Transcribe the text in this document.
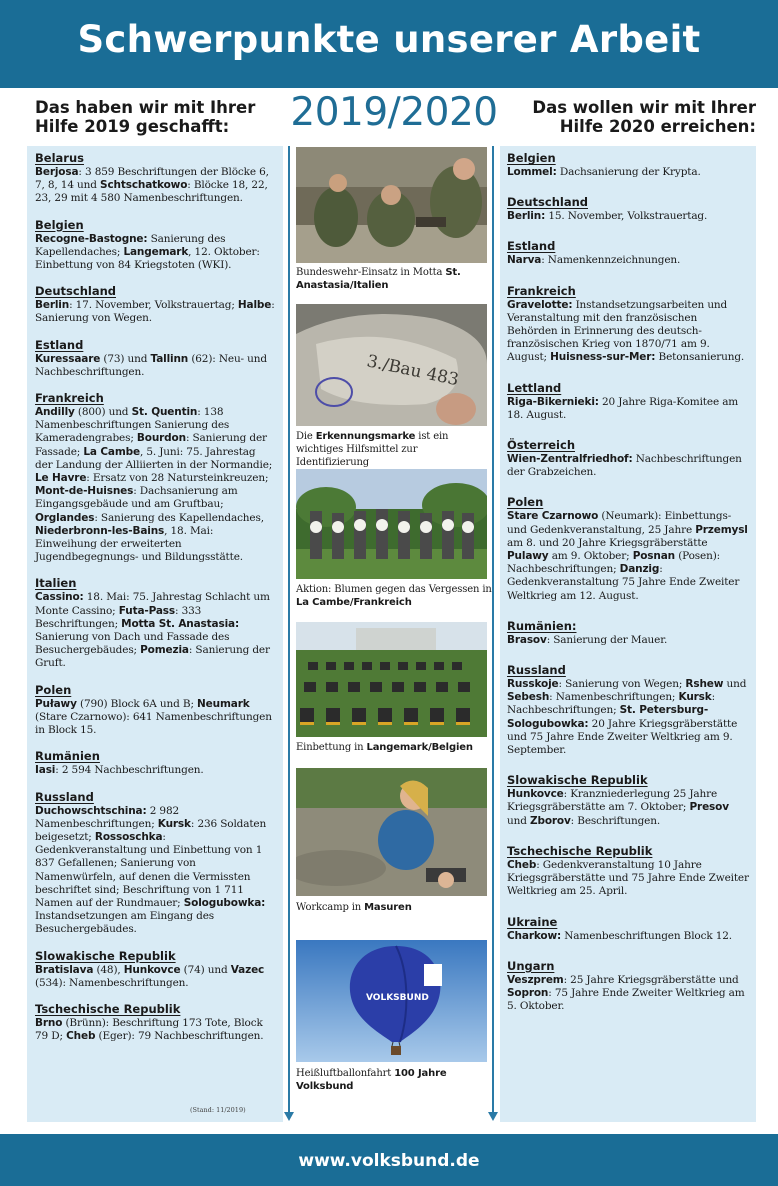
Schwerpunkte unserer Arbeit
Das haben wir mit Ihrer
Hilfe 2019 geschafft:	2019/2020	Das wollen wir mit Ihrer
Hilfe 2020 erreichen:
Belarus
Berjosa: 3 859 Beschriftungen der Blöcke 6, 7, 8, 14 und Schtschatkowo: Blöcke 18, 22, 23, 29 mit 4 580 Namenbeschriftungen.
Belgien
Recogne-Bastogne: Sanierung des Kapellendaches; Langemark, 12. Oktober: Einbettung von 84 Kriegstoten (WKI).
Deutschland
Berlin: 17. November, Volkstrauertag; Halbe: Sanierung von Wegen.
Estland
Kuressaare (73) und Tallinn (62): Neu- und Nachbeschriftungen.
Frankreich
Andilly (800) und St. Quentin: 138 Namenbeschriftungen Sanierung des Kameradengrabes; Bourdon: Sanierung der Fassade; La Cambe, 5. Juni: 75. Jahrestag der Landung der Alliierten in der Normandie; Le Havre: Ersatz von 28 Natursteinkreuzen; Mont-de-Huisnes: Dachsanierung am Eingangsgebäude und am Gruftbau; Orglandes: Sanierung des Kapellendaches, Niederbronn-les-Bains, 18. Mai: Einweihung der erweiterten Jugendbegegnungs- und Bildungsstätte.
Italien
Cassino: 18. Mai: 75. Jahrestag Schlacht um Monte Cassino; Futa-Pass: 333 Beschriftungen; Motta St. Anastasia: Sanierung von Dach und Fassade des Besuchergebäudes; Pomezia: Sanierung der Gruft.
Polen
Puławy (790) Block 6A und B; Neumark (Stare Czarnowo): 641 Namenbeschriftungen in Block 15.
Rumänien
Iasi: 2 594 Nachbeschriftungen.
Russland
Duchowschtschina: 2 982 Namenbeschriftungen; Kursk: 236 Soldaten beigesetzt; Rossoschka: Gedenkveranstaltung und Einbettung von 1 837 Gefallenen; Sanierung von Namenwürfeln, auf denen die Vermissten beschriftet sind; Beschriftung von 1 711 Namen auf der Rundmauer; Sologubowka: Instandsetzungen am Eingang des Besuchergebäudes.
Slowakische Republik
Bratislava (48), Hunkovce (74) und Vazec (534): Namenbeschriftungen.
Tschechische Republik
Brno (Brünn): Beschriftung 173 Tote, Block 79 D; Cheb (Eger): 79 Nachbeschriftungen.
Belgien
Lommel: Dachsanierung der Krypta.
Deutschland
Berlin: 15. November, Volkstrauertag.
Estland
Narva: Namenkennzeichnungen.
Frankreich
Gravelotte: Instandsetzungsarbeiten und Veranstaltung mit den französischen Behörden in Erinnerung des deutsch-französischen Krieg von 1870/71 am 9. August; Huisness-sur-Mer: Betonsanierung.
Lettland
Riga-Bikernieki: 20 Jahre Riga-Komitee am 18. August.
Österreich
Wien-Zentralfriedhof: Nachbeschriftungen der Grabzeichen.
Polen
Stare Czarnowo (Neumark): Einbettungs- und Gedenkveranstaltung, 25 Jahre Przemysl am 8. und 20 Jahre Kriegsgräberstätte Pulawy am 9. Oktober; Posnan (Posen): Nachbeschriftungen; Danzig: Gedenkveranstaltung 75 Jahre Ende Zweiter Weltkrieg am 12. August.
Rumänien:
Brasov: Sanierung der Mauer.
Russland
Russkoje: Sanierung von Wegen; Rshew und Sebesh: Namenbeschriftungen; Kursk: Nachbeschriftungen; St. Petersburg-Sologubowka: 20 Jahre Kriegsgräberstätte und 75 Jahre Ende Zweiter Weltkrieg am 9. September.
Slowakische Republik
Hunkovce: Kranzniederlegung 25 Jahre Kriegsgräberstätte am 7. Oktober; Presov und Zborov: Beschriftungen.
Tschechische Republik
Cheb: Gedenkveranstaltung 10 Jahre Kriegsgräberstätte und 75 Jahre Ende Zweiter Weltkrieg am 25. April.
Ukraine
Charkow: Namenbeschriftungen Block 12.
Ungarn
Veszprem: 25 Jahre Kriegsgräberstätte und Sopron: 75 Jahre Ende Zweiter Weltkrieg am 5. Oktober.
(Stand: 11/2019)
Bundeswehr-Einsatz in Motta St. Anastasia/Italien
3./Bau 483
Die Erkennungsmarke ist ein wichtiges Hilfsmittel zur Identifizierung
Aktion: Blumen gegen das Vergessen in La Cambe/Frankreich
Einbettung in Langemark/Belgien
Workcamp in Masuren
VOLKSBUND
Heißluftballonfahrt 100 Jahre Volksbund
www.volksbund.de
